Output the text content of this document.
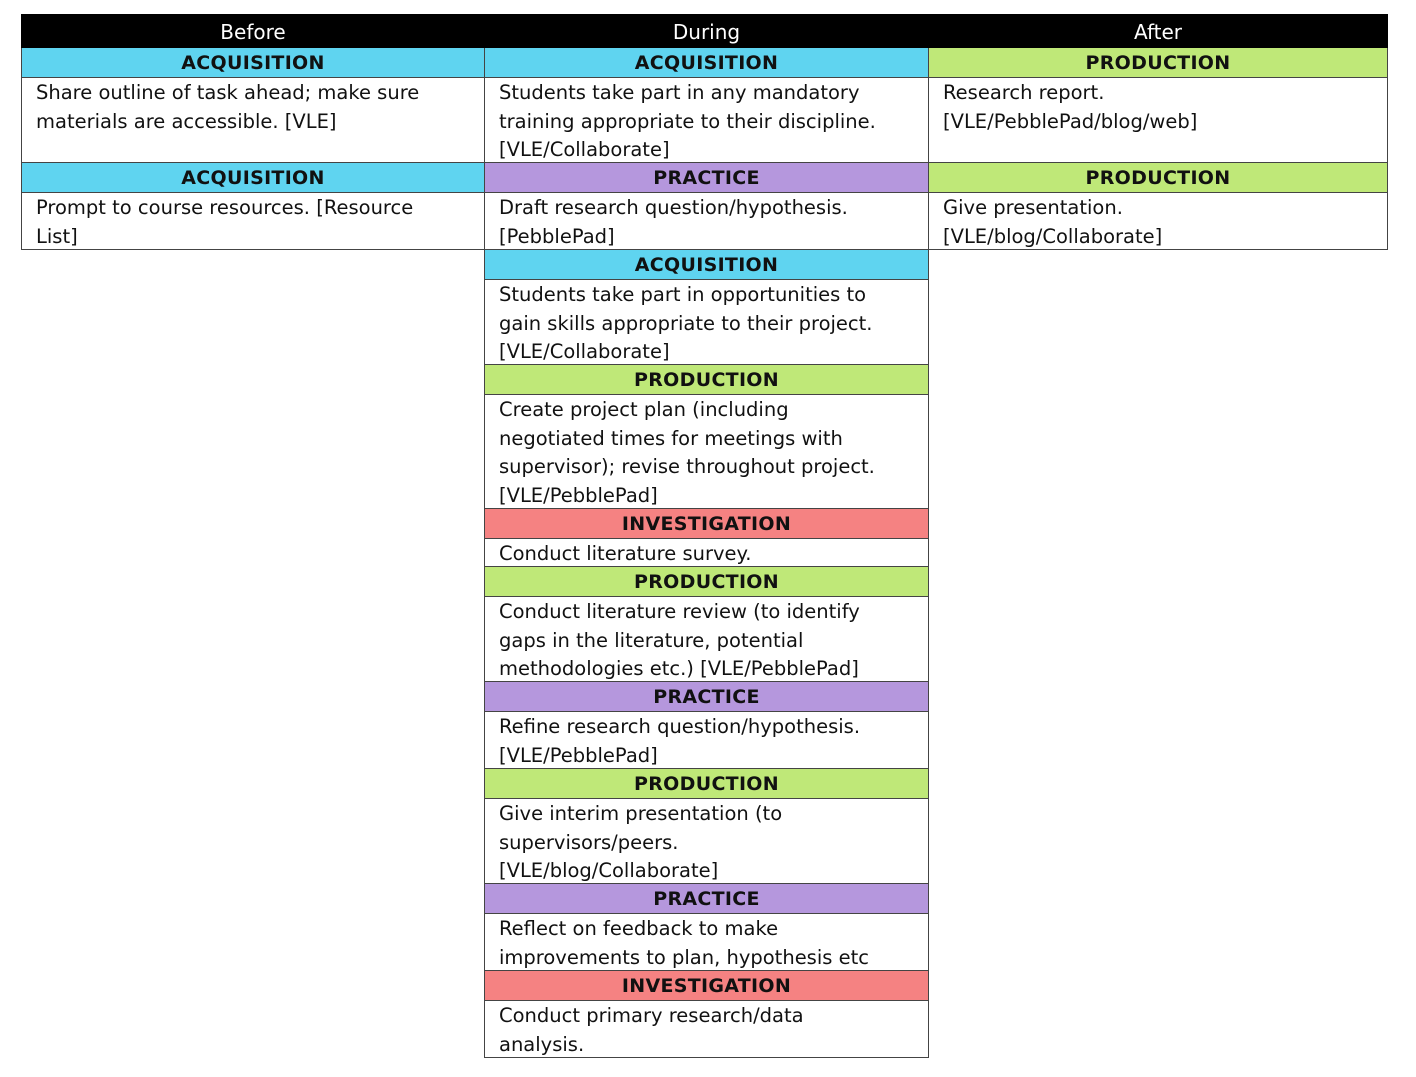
Before
ACQUISITION
Share outline of task ahead; make sure
materials are accessible. [VLE]
ACQUISITION
Prompt to course resources. [Resource
List]
During
ACQUISITION
Students take part in any mandatory
training appropriate to their discipline.
[VLE/Collaborate]
PRACTICE
Draft research question/hypothesis.
[PebblePad]
ACQUISITION
Students take part in opportunities to
gain skills appropriate to their project.
[VLE/Collaborate]
PRODUCTION
Create project plan (including
negotiated times for meetings with
supervisor); revise throughout project.
[VLE/PebblePad]
INVESTIGATION
Conduct literature survey.
PRODUCTION
Conduct literature review (to identify
gaps in the literature, potential
methodologies etc.) [VLE/PebblePad]
PRACTICE
Refine research question/hypothesis.
[VLE/PebblePad]
PRODUCTION
Give interim presentation (to
supervisors/peers.
[VLE/blog/Collaborate]
PRACTICE
Reflect on feedback to make
improvements to plan, hypothesis etc
INVESTIGATION
Conduct primary research/data
analysis.
After
PRODUCTION
Research report.
[VLE/PebblePad/blog/web]
PRODUCTION
Give presentation.
[VLE/blog/Collaborate]
